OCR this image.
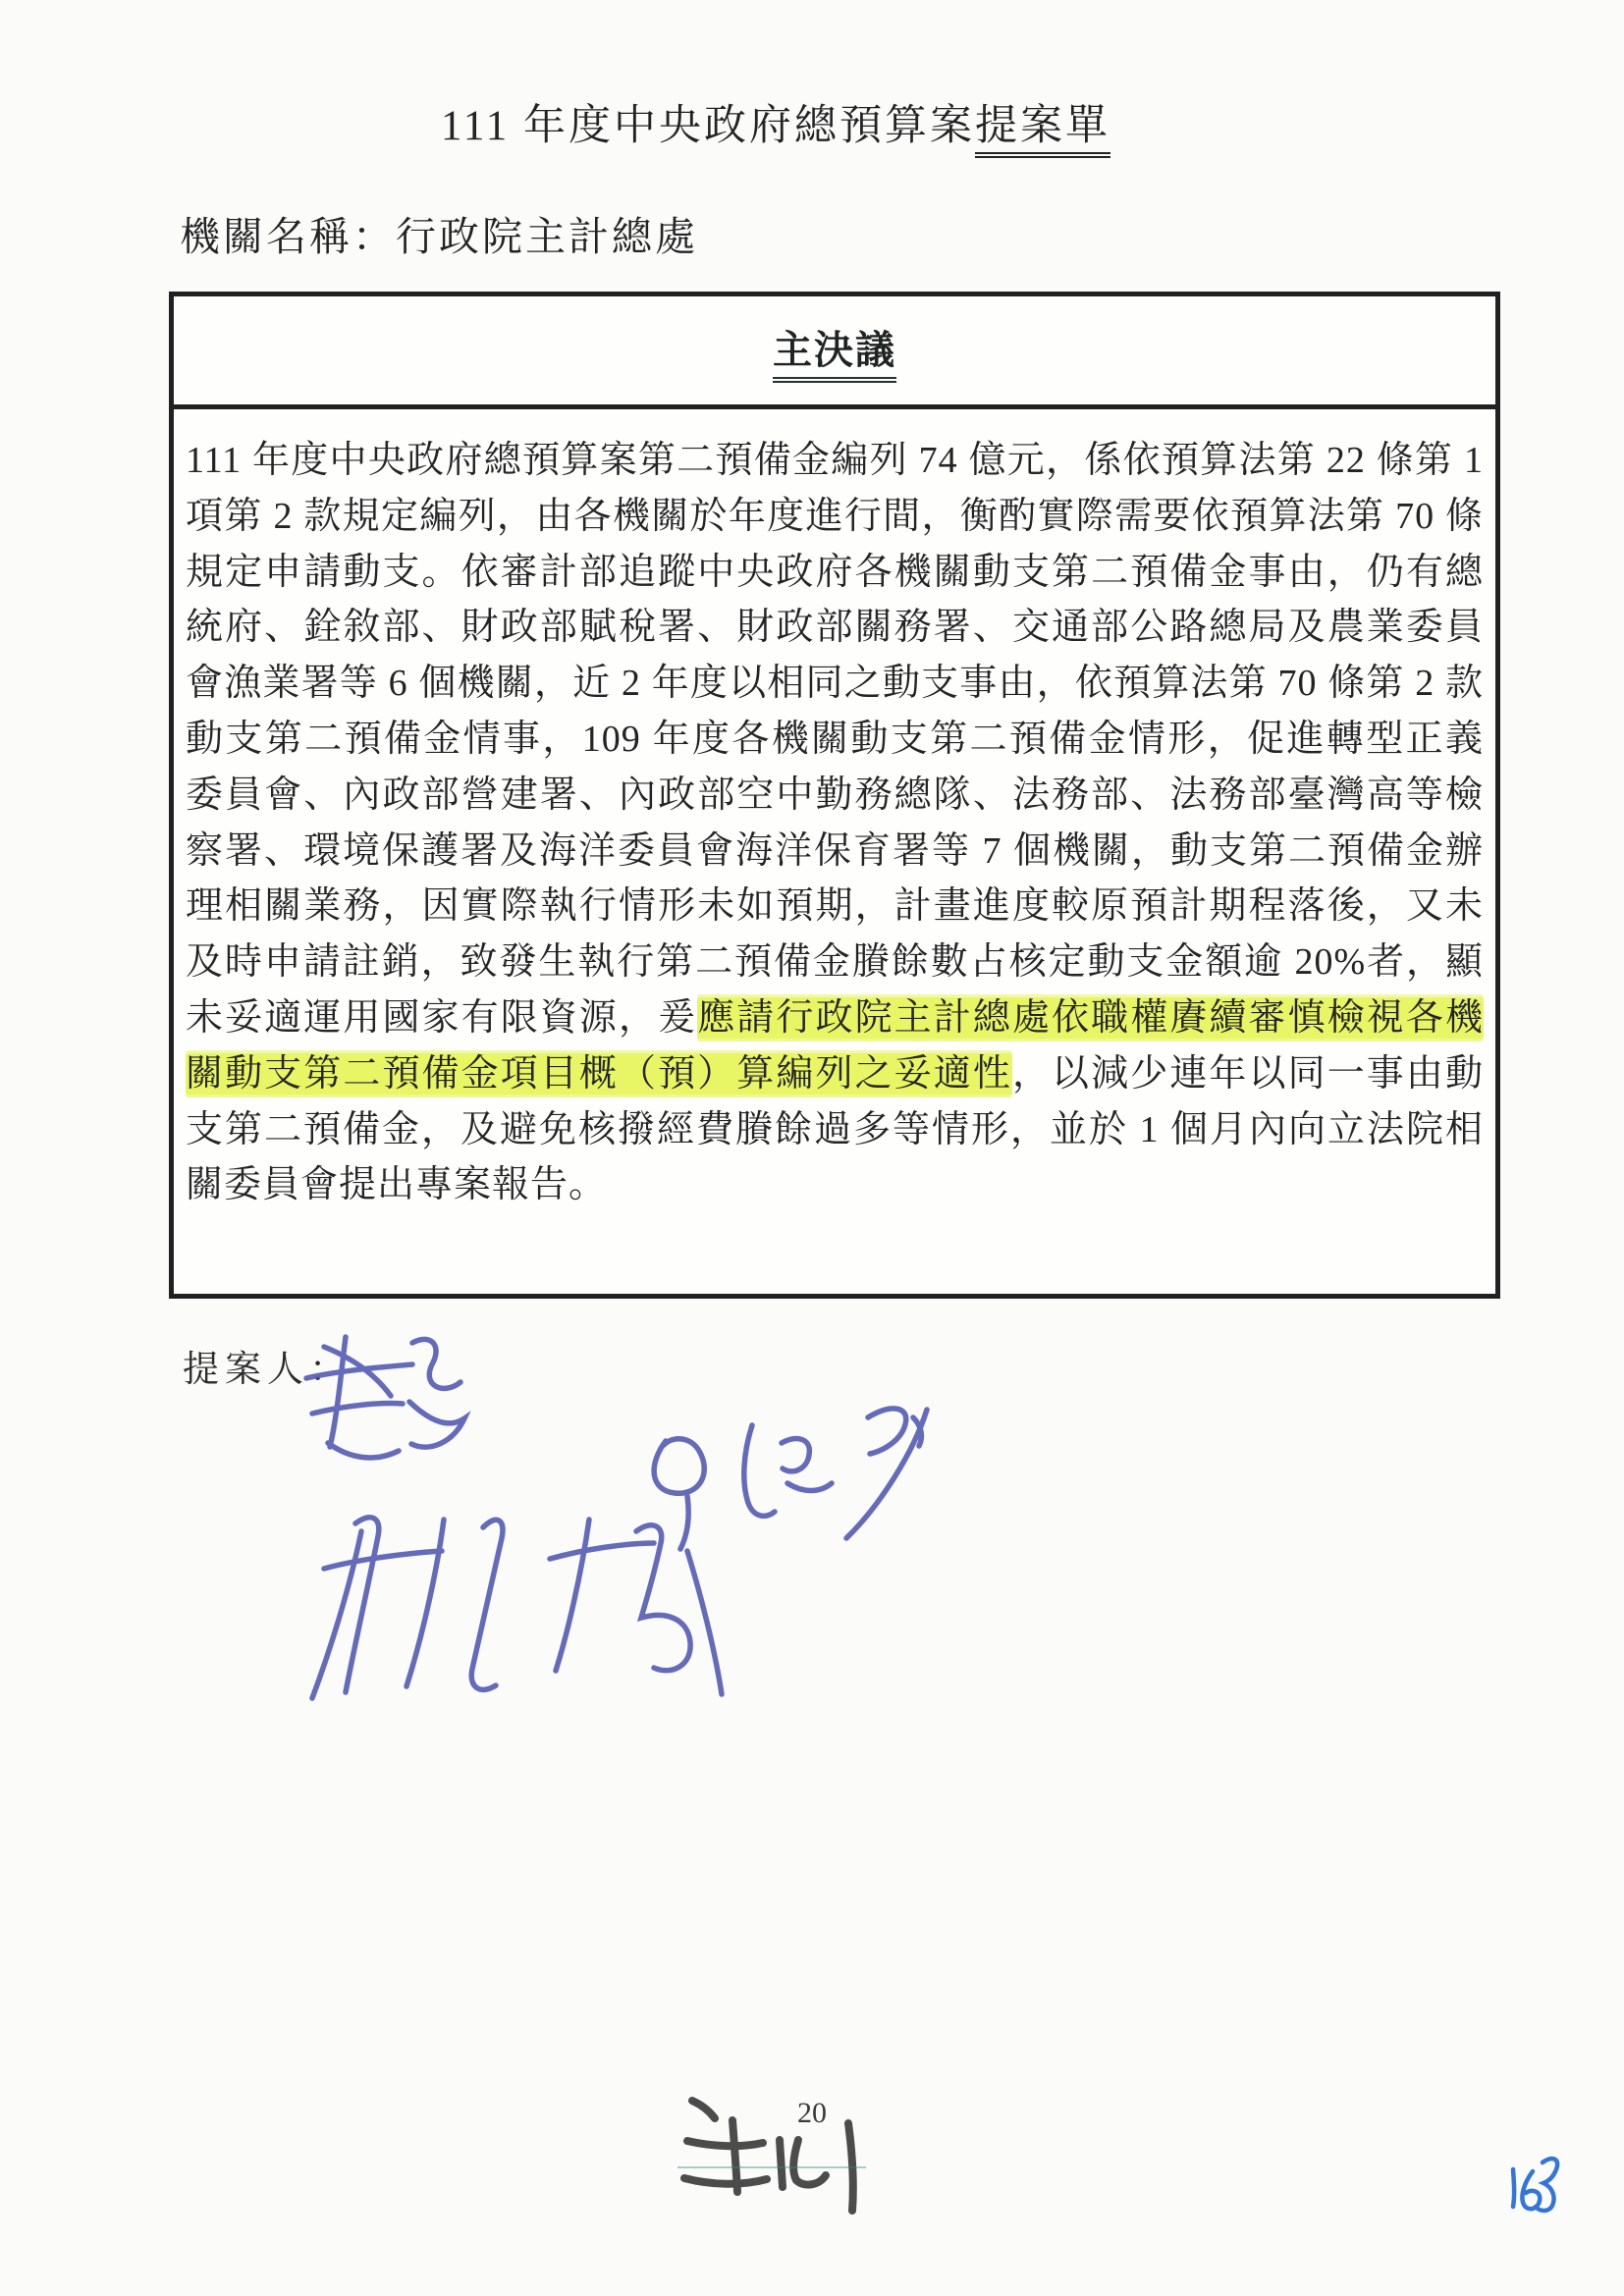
111 年度中央政府總預算案提案單
機關名稱：行政院主計總處
主決議
111 年度中央政府總預算案第二預備金編列 74 億元，係依預算法第 22 條第 1
項第 2 款規定編列，由各機關於年度進行間，衡酌實際需要依預算法第 70 條
規定申請動支。依審計部追蹤中央政府各機關動支第二預備金事由，仍有總
統府、銓敘部、財政部賦稅署、財政部關務署、交通部公路總局及農業委員
會漁業署等 6 個機關，近 2 年度以相同之動支事由，依預算法第 70 條第 2 款
動支第二預備金情事，109 年度各機關動支第二預備金情形，促進轉型正義
委員會、內政部營建署、內政部空中勤務總隊、法務部、法務部臺灣高等檢
察署、環境保護署及海洋委員會海洋保育署等 7 個機關，動支第二預備金辦
理相關業務，因實際執行情形未如預期，計畫進度較原預計期程落後，又未
及時申請註銷，致發生執行第二預備金賸餘數占核定動支金額逾 20%者，顯
未妥適運用國家有限資源，爰應請行政院主計總處依職權賡續審慎檢視各機
關動支第二預備金項目概（預）算編列之妥適性，以減少連年以同一事由動
支第二預備金，及避免核撥經費賸餘過多等情形，並於 1 個月內向立法院相
關委員會提出專案報告。
提案人：
20
